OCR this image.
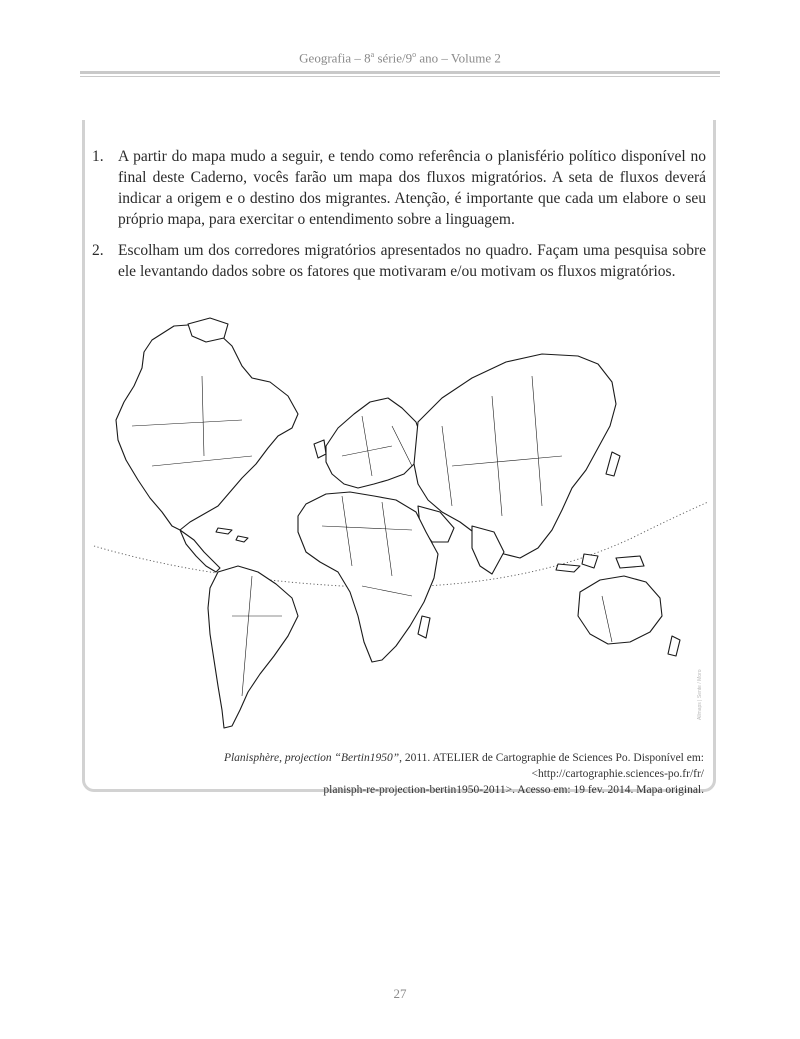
Geografia – 8$^a$ série/9$^o$ ano – Volume 2
1. A partir do mapa mudo a seguir, e tendo como referência o planisfério político disponível no final deste Caderno, vocês farão um mapa dos fluxos migratórios. A seta de fluxos deverá indicar a origem e o destino dos migrantes. Atenção, é importante que cada um elabore o seu próprio mapa, para exercitar o entendimento sobre a linguagem.
2. Escolham um dos corredores migratórios apresentados no quadro. Façam uma pesquisa sobre ele levantando dados sobre os fatores que motivaram e/ou motivam os fluxos migratórios.
Allmaps | Sente / Moro
Planisphère, projection “Bertin1950”, 2011. ATELIER de Cartographie de Sciences Po. Disponível em: <http://cartographie.sciences-po.fr/fr/
planisph-re-projection-bertin1950-2011>. Acesso em: 19 fev. 2014. Mapa original.
27
